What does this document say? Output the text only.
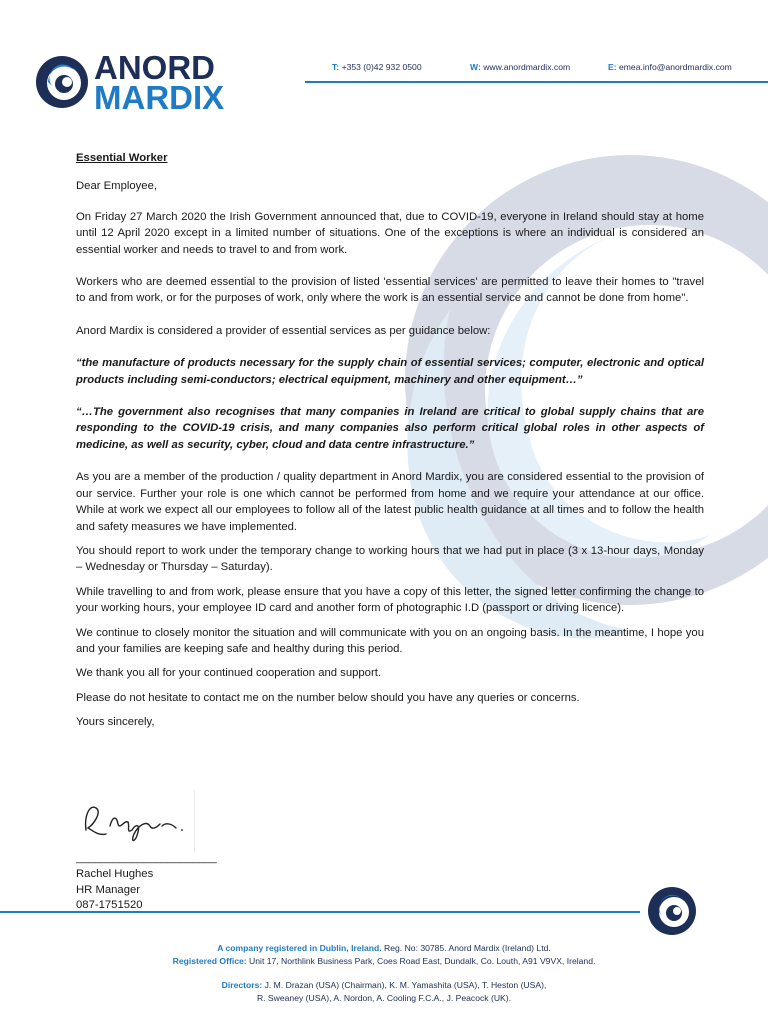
ANORD
MARDIX
T: +353 (0)42 932 0500	W: www.anordmardix.com	E: emea.info@anordmardix.com

Essential Worker

Dear Employee,

On Friday 27 March 2020 the Irish Government announced that, due to COVID-19, everyone in Ireland should stay at home until 12 April 2020 except in a limited number of situations. One of the exceptions is where an individual is considered an essential worker and needs to travel to and from work.

Workers who are deemed essential to the provision of listed 'essential services' are permitted to leave their homes to "travel to and from work, or for the purposes of work, only where the work is an essential service and cannot be done from home".

Anord Mardix is considered a provider of essential services as per guidance below:

“the manufacture of products necessary for the supply chain of essential services; computer, electronic and optical products including semi-conductors; electrical equipment, machinery and other equipment…”

“…The government also recognises that many companies in Ireland are critical to global supply chains that are responding to the COVID-19 crisis, and many companies also perform critical global roles in other aspects of medicine, as well as security, cyber, cloud and data centre infrastructure.”

As you are a member of the production / quality department in Anord Mardix, you are considered essential to the provision of our service. Further your role is one which cannot be performed from home and we require your attendance at our office. While at work we expect all our employees to follow all of the latest public health guidance at all times and to follow the health and safety measures we have implemented.

You should report to work under the temporary change to working hours that we had put in place (3 x 13-hour days, Monday – Wednesday or Thursday – Saturday).

While travelling to and from work, please ensure that you have a copy of this letter, the signed letter confirming the change to your working hours, your employee ID card and another form of photographic I.D (passport or driving licence).

We continue to closely monitor the situation and will communicate with you on an ongoing basis. In the meantime, I hope you and your families are keeping safe and healthy during this period.

We thank you all for your continued cooperation and support.

Please do not hesitate to contact me on the number below should you have any queries or concerns.

Yours sincerely,

_______________________
Rachel Hughes
HR Manager
087-1751520

A company registered in Dublin, Ireland. Reg. No: 30785. Anord Mardix (Ireland) Ltd.

Registered Office: Unit 17, Northlink Business Park, Coes Road East, Dundalk, Co. Louth, A91 V9VX, Ireland.

Directors: J. M. Drazan (USA) (Chairman), K. M. Yamashita (USA), T. Heston (USA),

R. Sweaney (USA), A. Nordon, A. Cooling F.C.A., J. Peacock (UK).
